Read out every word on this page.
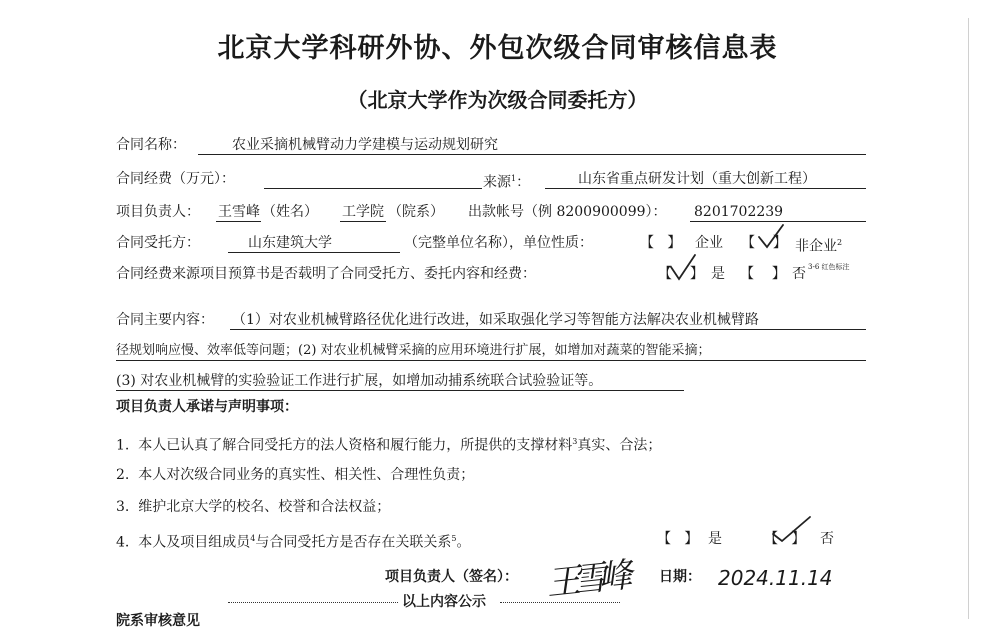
北京大学科研外协、外包次级合同审核信息表
（北京大学作为次级合同委托方）
合同名称：	农业采摘机械臂动力学建模与运动规划研究
合同经费（万元）：	来源$^1$：	山东省重点研发计划（重大创新工程）
项目负责人： 王雪峰 （姓名） 工学院 （院系） 出款帐号（例 8200900099）： 8201702239
合同受托方：	山东建筑大学	（完整单位名称），单位性质：	【 】 企业 【 】 非企业$^2$
合同经费来源项目预算书是否载明了合同受托方、委托内容和经费：	【 】 是 【 】 否 3-6 红色标注
合同主要内容： （1）对农业机械臂路径优化进行改进，如采取强化学习等智能方法解决农业机械臂路
径规划响应慢、效率低等问题；(2) 对农业机械臂采摘的应用环境进行扩展，如增加对蔬菜的智能采摘；
(3) 对农业机械臂的实验验证工作进行扩展，如增加动捕系统联合试验验证等。
项目负责人承诺与声明事项：
1. 本人已认真了解合同受托方的法人资格和履行能力，所提供的支撑材料$^3$真实、合法；
2. 本人对次级合同业务的真实性、相关性、合理性负责；
3. 维护北京大学的校名、校誉和合法权益；
4. 本人及项目组成员$^4$与合同受托方是否存在关联关系$^5$。	【 】 是	【 】 否
项目负责人（签名）： 王雪峰 日期： 2024.11.14
以上内容公示
院系审核意见
